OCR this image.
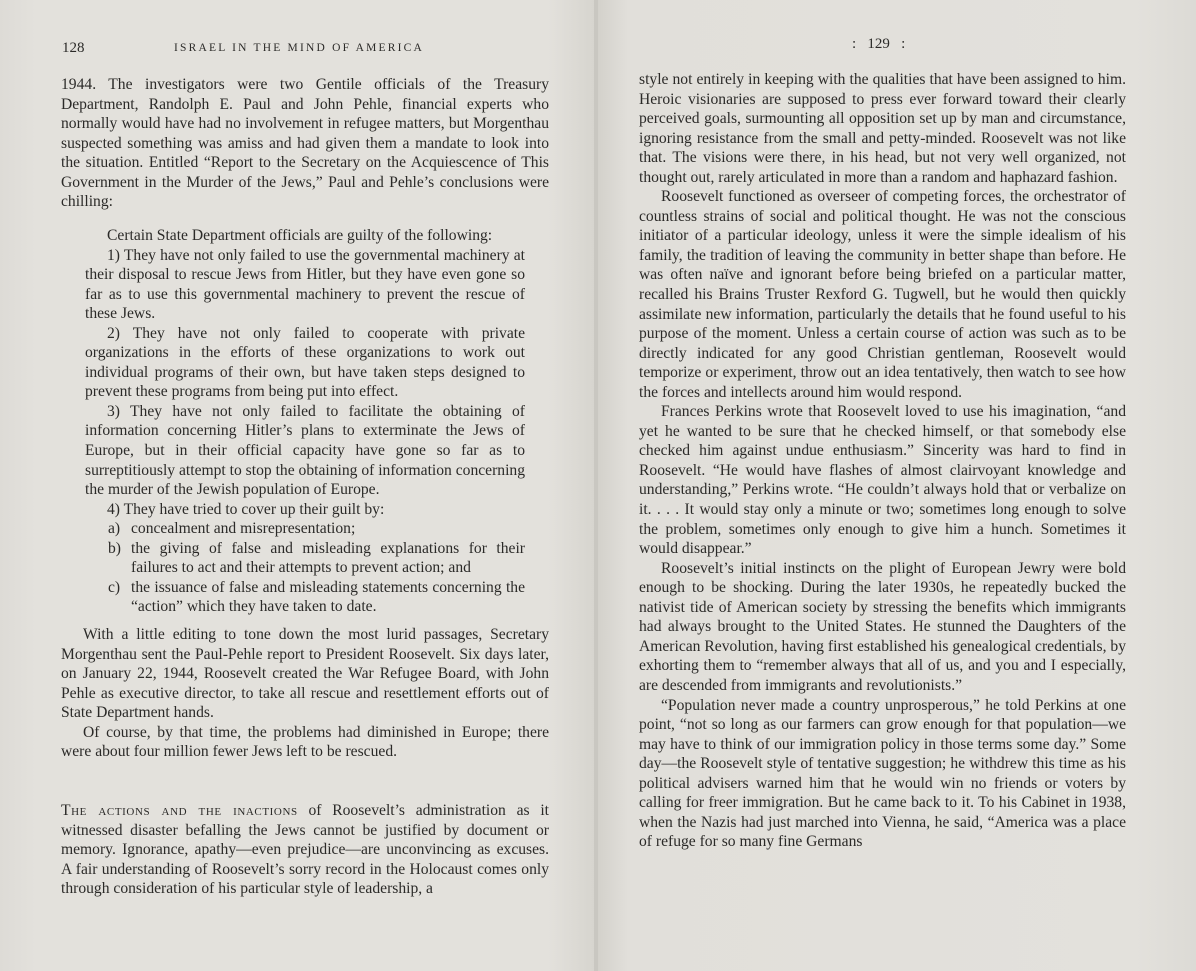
128	ISRAEL IN THE MIND OF AMERICA

1944. The investigators were two Gentile officials of the Treasury Department, Randolph E. Paul and John Pehle, financial experts who normally would have had no involvement in refugee matters, but Morgenthau suspected something was amiss and had given them a mandate to look into the situation. Entitled “Report to the Secretary on the Acquiescence of This Government in the Murder of the Jews,” Paul and Pehle’s conclusions were chilling:

Certain State Department officials are guilty of the following:

1) They have not only failed to use the governmental machinery at their disposal to rescue Jews from Hitler, but they have even gone so far as to use this governmental machinery to prevent the rescue of these Jews.

2) They have not only failed to cooperate with private organizations in the efforts of these organizations to work out individual programs of their own, but have taken steps designed to prevent these programs from being put into effect.

3) They have not only failed to facilitate the obtaining of information concerning Hitler’s plans to exterminate the Jews of Europe, but in their official capacity have gone so far as to surreptitiously attempt to stop the obtaining of information concerning the murder of the Jewish population of Europe.

4) They have tried to cover up their guilt by:

a) concealment and misrepresentation;

b) the giving of false and misleading explanations for their failures to act and their attempts to prevent action; and

c) the issuance of false and misleading statements concerning the “action” which they have taken to date.

With a little editing to tone down the most lurid passages, Secretary Morgenthau sent the Paul-Pehle report to President Roosevelt. Six days later, on January 22, 1944, Roosevelt created the War Refugee Board, with John Pehle as executive director, to take all rescue and resettlement efforts out of State Department hands.

Of course, by that time, the problems had diminished in Europe; there were about four million fewer Jews left to be rescued.

The actions and the inactions of Roosevelt’s administration as it witnessed disaster befalling the Jews cannot be justified by document or memory. Ignorance, apathy—even prejudice—are unconvincing as excuses. A fair understanding of Roosevelt’s sorry record in the Holocaust comes only through consideration of his particular style of leadership, a

:   129   :

style not entirely in keeping with the qualities that have been assigned to him. Heroic visionaries are supposed to press ever forward toward their clearly perceived goals, surmounting all opposition set up by man and circumstance, ignoring resistance from the small and petty-minded. Roosevelt was not like that. The visions were there, in his head, but not very well organized, not thought out, rarely articulated in more than a random and haphazard fashion.

Roosevelt functioned as overseer of competing forces, the orchestrator of countless strains of social and political thought. He was not the conscious initiator of a particular ideology, unless it were the simple idealism of his family, the tradition of leaving the community in better shape than before. He was often naïve and ignorant before being briefed on a particular matter, recalled his Brains Truster Rexford G. Tugwell, but he would then quickly assimilate new information, particularly the details that he found useful to his purpose of the moment. Unless a certain course of action was such as to be directly indicated for any good Christian gentleman, Roosevelt would temporize or experiment, throw out an idea tentatively, then watch to see how the forces and intellects around him would respond.

Frances Perkins wrote that Roosevelt loved to use his imagination, “and yet he wanted to be sure that he checked himself, or that somebody else checked him against undue enthusiasm.” Sincerity was hard to find in Roosevelt. “He would have flashes of almost clairvoyant knowledge and understanding,” Perkins wrote. “He couldn’t always hold that or verbalize on it. . . . It would stay only a minute or two; sometimes long enough to solve the problem, sometimes only enough to give him a hunch. Sometimes it would disappear.”

Roosevelt’s initial instincts on the plight of European Jewry were bold enough to be shocking. During the later 1930s, he repeatedly bucked the nativist tide of American society by stressing the benefits which immigrants had always brought to the United States. He stunned the Daughters of the American Revolution, having first established his genealogical credentials, by exhorting them to “remember always that all of us, and you and I especially, are descended from immigrants and revolutionists.”

“Population never made a country unprosperous,” he told Perkins at one point, “not so long as our farmers can grow enough for that population—we may have to think of our immigration policy in those terms some day.” Some day—the Roosevelt style of tentative suggestion; he withdrew this time as his political advisers warned him that he would win no friends or voters by calling for freer immigration. But he came back to it. To his Cabinet in 1938, when the Nazis had just marched into Vienna, he said, “America was a place of refuge for so many fine Germans
